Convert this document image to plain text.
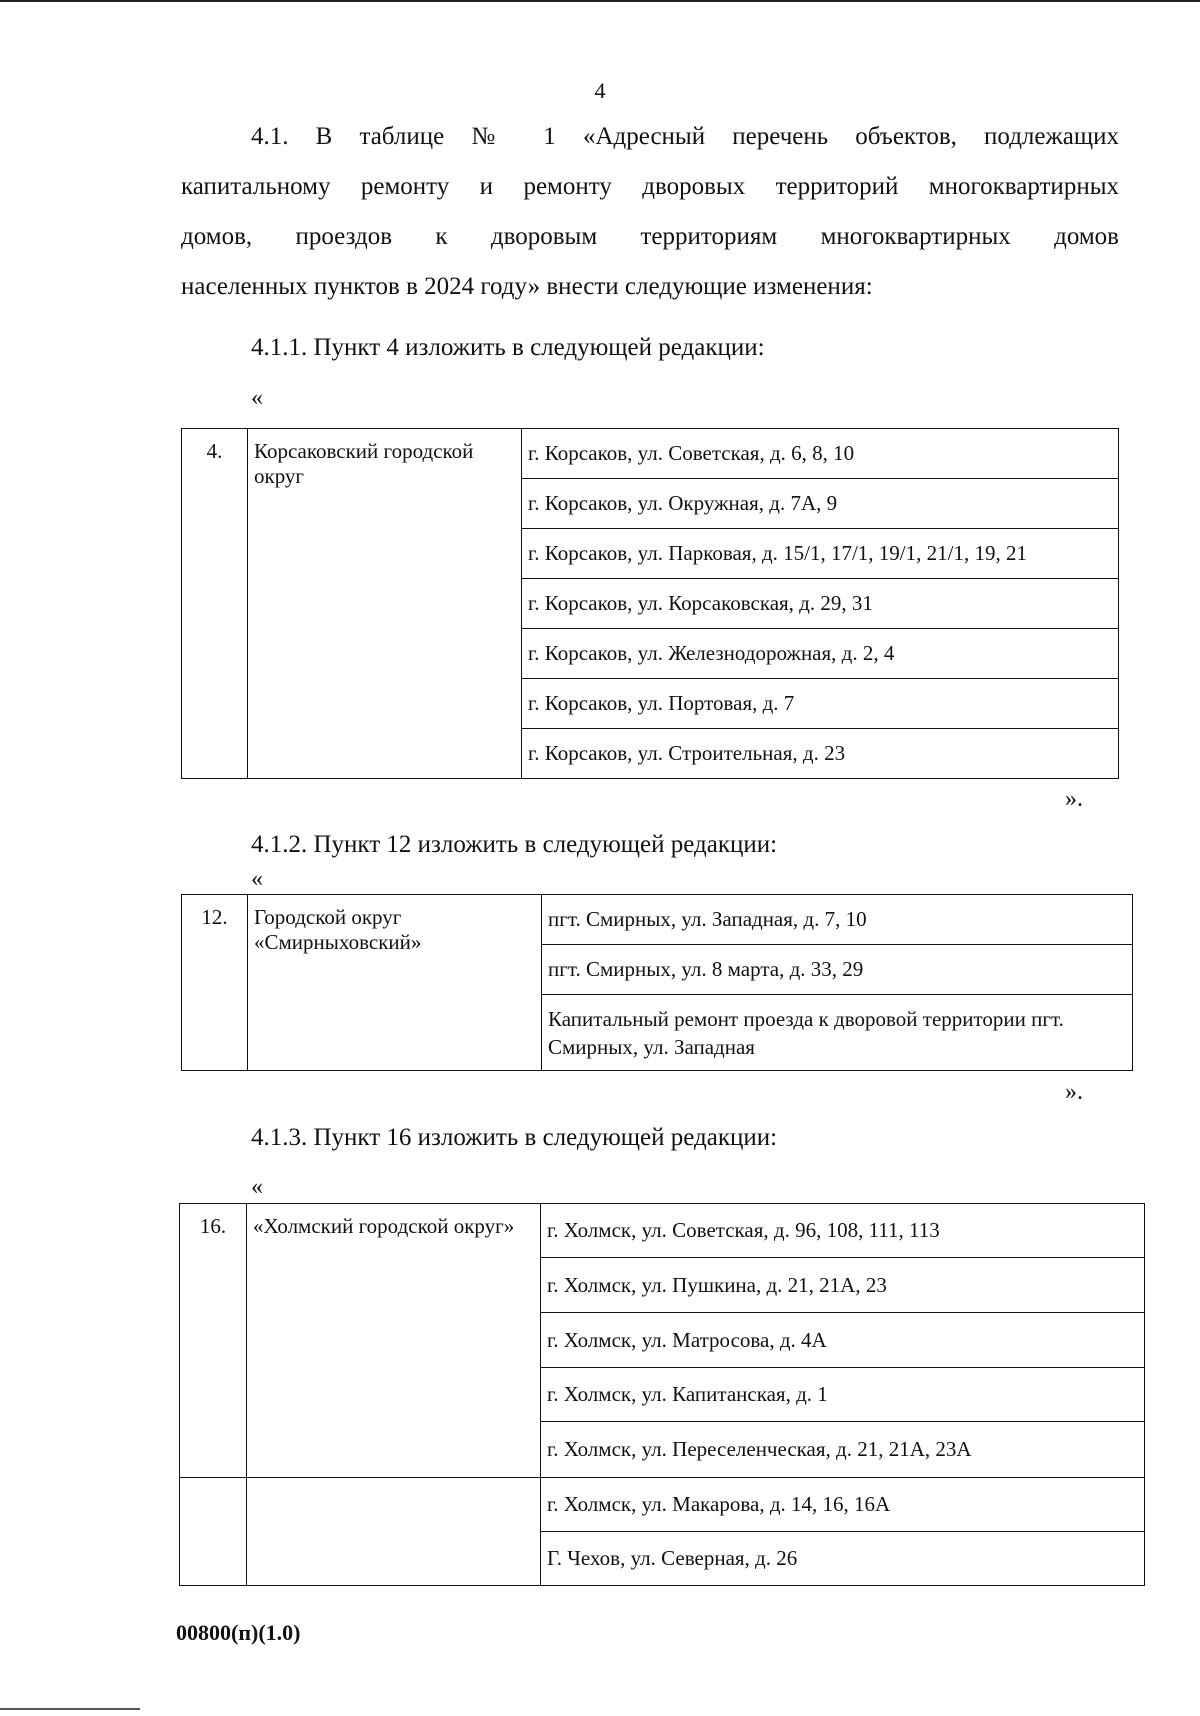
4
4.1. В таблице № 1 «Адресный перечень объектов, подлежащих
капитальному ремонту и ремонту дворовых территорий многоквартирных
домов, проездов к дворовым территориям многоквартирных домов
населенных пунктов в 2024 году» внести следующие изменения:

4.1.1. Пункт 4 изложить в следующей редакции:

«
4.	Корсаковский городской округ	г. Корсаков, ул. Советская, д. 6, 8, 10
г. Корсаков, ул. Окружная, д. 7А, 9
г. Корсаков, ул. Парковая, д. 15/1, 17/1, 19/1, 21/1, 19, 21
г. Корсаков, ул. Корсаковская, д. 29, 31
г. Корсаков, ул. Железнодорожная, д. 2, 4
г. Корсаков, ул. Портовая, д. 7
г. Корсаков, ул. Строительная, д. 23
».

4.1.2. Пункт 12 изложить в следующей редакции:

«
12.	Городской округ «Смирныховский»	пгт. Смирных, ул. Западная, д. 7, 10
пгт. Смирных, ул. 8 марта, д. 33, 29
Капитальный ремонт проезда к дворовой территории пгт. Смирных, ул. Западная
».

4.1.3. Пункт 16 изложить в следующей редакции:

«
16.	«Холмский городской округ»	г. Холмск, ул. Советская, д. 96, 108, 111, 113
		г. Холмск, ул. Пушкина, д. 21, 21А, 23
		г. Холмск, ул. Матросова, д. 4А
		г. Холмск, ул. Капитанская, д. 1
		г. Холмск, ул. Переселенческая, д. 21, 21А, 23А
		г. Холмск, ул. Макарова, д. 14, 16, 16А
		Г. Чехов, ул. Северная, д. 26
00800(п)(1.0)
